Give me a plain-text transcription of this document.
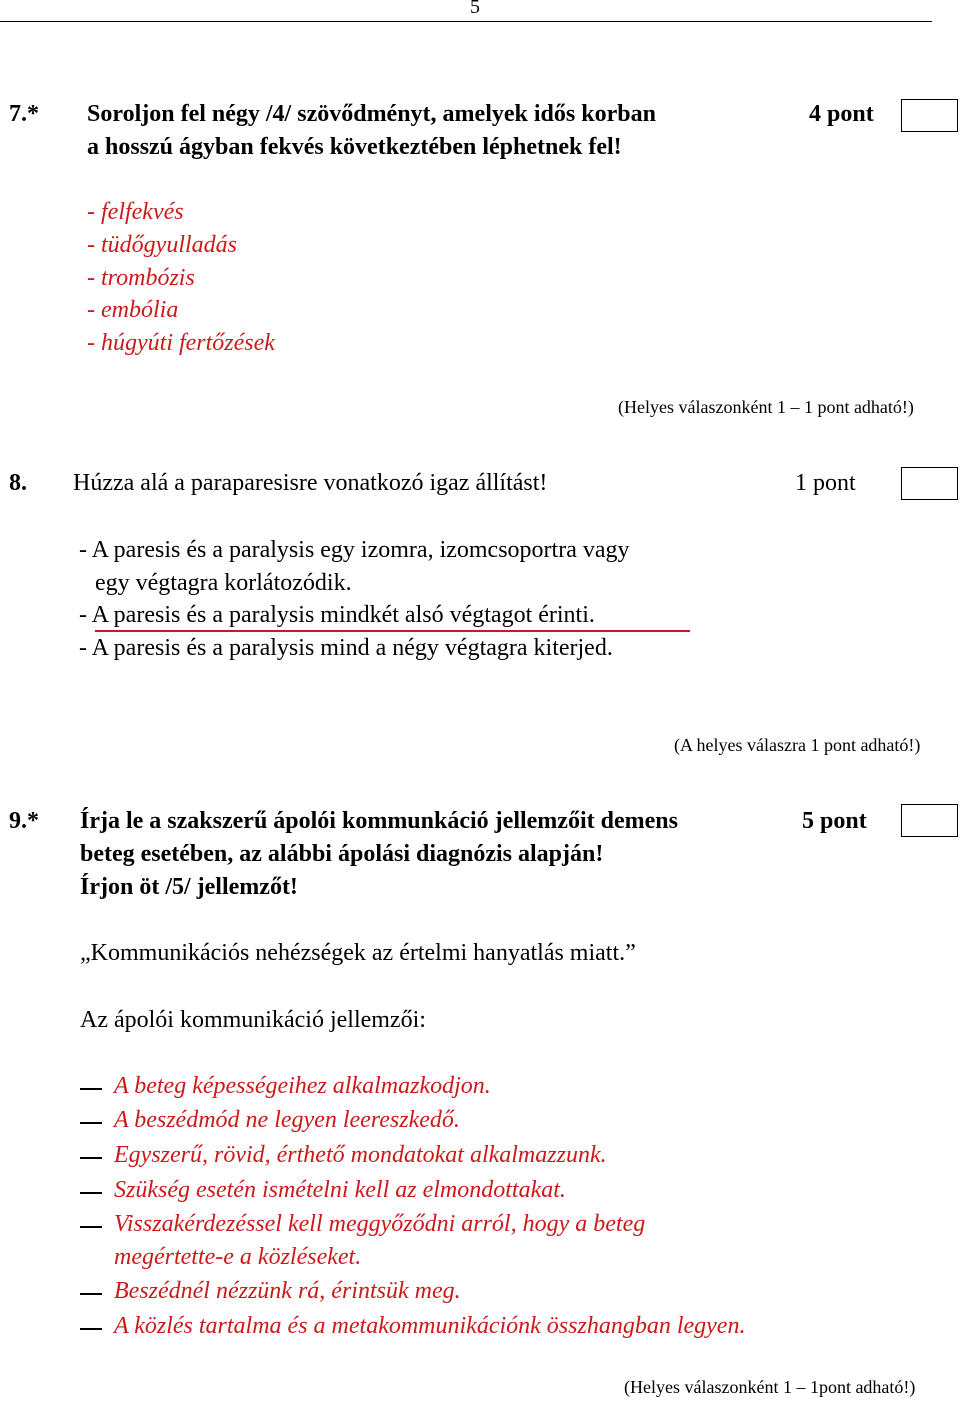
5
7.* Soroljon fel négy /4/ szövődményt, amelyek idős korban
a hosszú ágyban fekvés következtében léphetnek fel!
4 pont
- felfekvés
- tüdőgyulladás
- trombózis
- embólia
- húgyúti fertőzések
(Helyes válaszonként 1 – 1 pont adható!)
8. Húzza alá a paraparesisre vonatkozó igaz állítást!	1 pont
- A paresis és a paralysis egy izomra, izomcsoportra vagy
egy végtagra korlátozódik.
- A paresis és a paralysis mindkét alsó végtagot érinti.
- A paresis és a paralysis mind a négy végtagra kiterjed.
(A helyes válaszra 1 pont adható!)
9.* Írja le a szakszerű ápolói kommunkáció jellemzőit demens
beteg esetében, az alábbi ápolási diagnózis alapján!
Írjon öt /5/ jellemzőt!
5 pont
„Kommunikációs nehézségek az értelmi hanyatlás miatt.”
Az ápolói kommunikáció jellemzői:
A beteg képességeihez alkalmazkodjon.
A beszédmód ne legyen leereszkedő.
Egyszerű, rövid, érthető mondatokat alkalmazzunk.
Szükség esetén ismételni kell az elmondottakat.
Visszakérdezéssel kell meggyőződni arról, hogy a beteg
megértette-e a közléseket.
Beszédnél nézzünk rá, érintsük meg.
A közlés tartalma és a metakommunikációnk összhangban legyen.
(Helyes válaszonként 1 – 1pont adható!)
